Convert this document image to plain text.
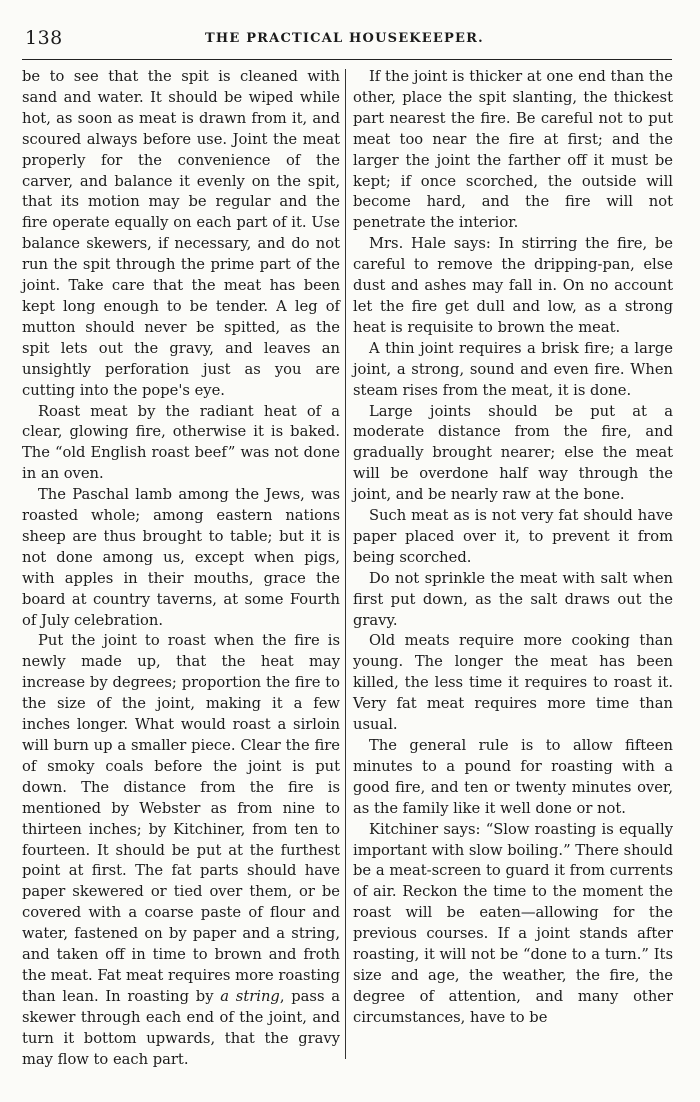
138	THE PRACTICAL HOUSEKEEPER.

be to see that the spit is cleaned with sand and water. It should be wiped while hot, as soon as meat is drawn from it, and scoured always before use. Joint the meat properly for the convenience of the carver, and balance it evenly on the spit, that its motion may be regular and the fire operate equally on each part of it. Use balance skewers, if necessary, and do not run the spit through the prime part of the joint. Take care that the meat has been kept long enough to be tender. A leg of mutton should never be spitted, as the spit lets out the gravy, and leaves an unsightly perforation just as you are cutting into the pope's eye.

Roast meat by the radiant heat of a clear, glowing fire, otherwise it is baked. The “old English roast beef” was not done in an oven.

The Paschal lamb among the Jews, was roasted whole; among eastern nations sheep are thus brought to table; but it is not done among us, except when pigs, with apples in their mouths, grace the board at country taverns, at some Fourth of July celebration.

Put the joint to roast when the fire is newly made up, that the heat may increase by degrees; proportion the fire to the size of the joint, making it a few inches longer. What would roast a sirloin will burn up a smaller piece. Clear the fire of smoky coals before the joint is put down. The distance from the fire is mentioned by Webster as from nine to thirteen inches; by Kitchiner, from ten to fourteen. It should be put at the furthest point at first. The fat parts should have paper skewered or tied over them, or be covered with a coarse paste of flour and water, fastened on by paper and a string, and taken off in time to brown and froth the meat. Fat meat requires more roasting than lean. In roasting by a string, pass a skewer through each end of the joint, and turn it bottom upwards, that the gravy may flow to each part.

If the joint is thicker at one end than the other, place the spit slanting, the thickest part nearest the fire. Be careful not to put meat too near the fire at first; and the larger the joint the farther off it must be kept; if once scorched, the outside will become hard, and the fire will not penetrate the interior.

Mrs. Hale says: In stirring the fire, be careful to remove the dripping-pan, else dust and ashes may fall in. On no account let the fire get dull and low, as a strong heat is requisite to brown the meat.

A thin joint requires a brisk fire; a large joint, a strong, sound and even fire. When steam rises from the meat, it is done.

Large joints should be put at a moderate distance from the fire, and gradually brought nearer; else the meat will be overdone half way through the joint, and be nearly raw at the bone.

Such meat as is not very fat should have paper placed over it, to prevent it from being scorched.

Do not sprinkle the meat with salt when first put down, as the salt draws out the gravy.

Old meats require more cooking than young. The longer the meat has been killed, the less time it requires to roast it. Very fat meat requires more time than usual.

The general rule is to allow fifteen minutes to a pound for roasting with a good fire, and ten or twenty minutes over, as the family like it well done or not.

Kitchiner says: “Slow roasting is equally important with slow boiling.” There should be a meat-screen to guard it from currents of air. Reckon the time to the moment the roast will be eaten—allowing for the previous courses. If a joint stands after roasting, it will not be “done to a turn.” Its size and age, the weather, the fire, the degree of attention, and many other circumstances, have to be
